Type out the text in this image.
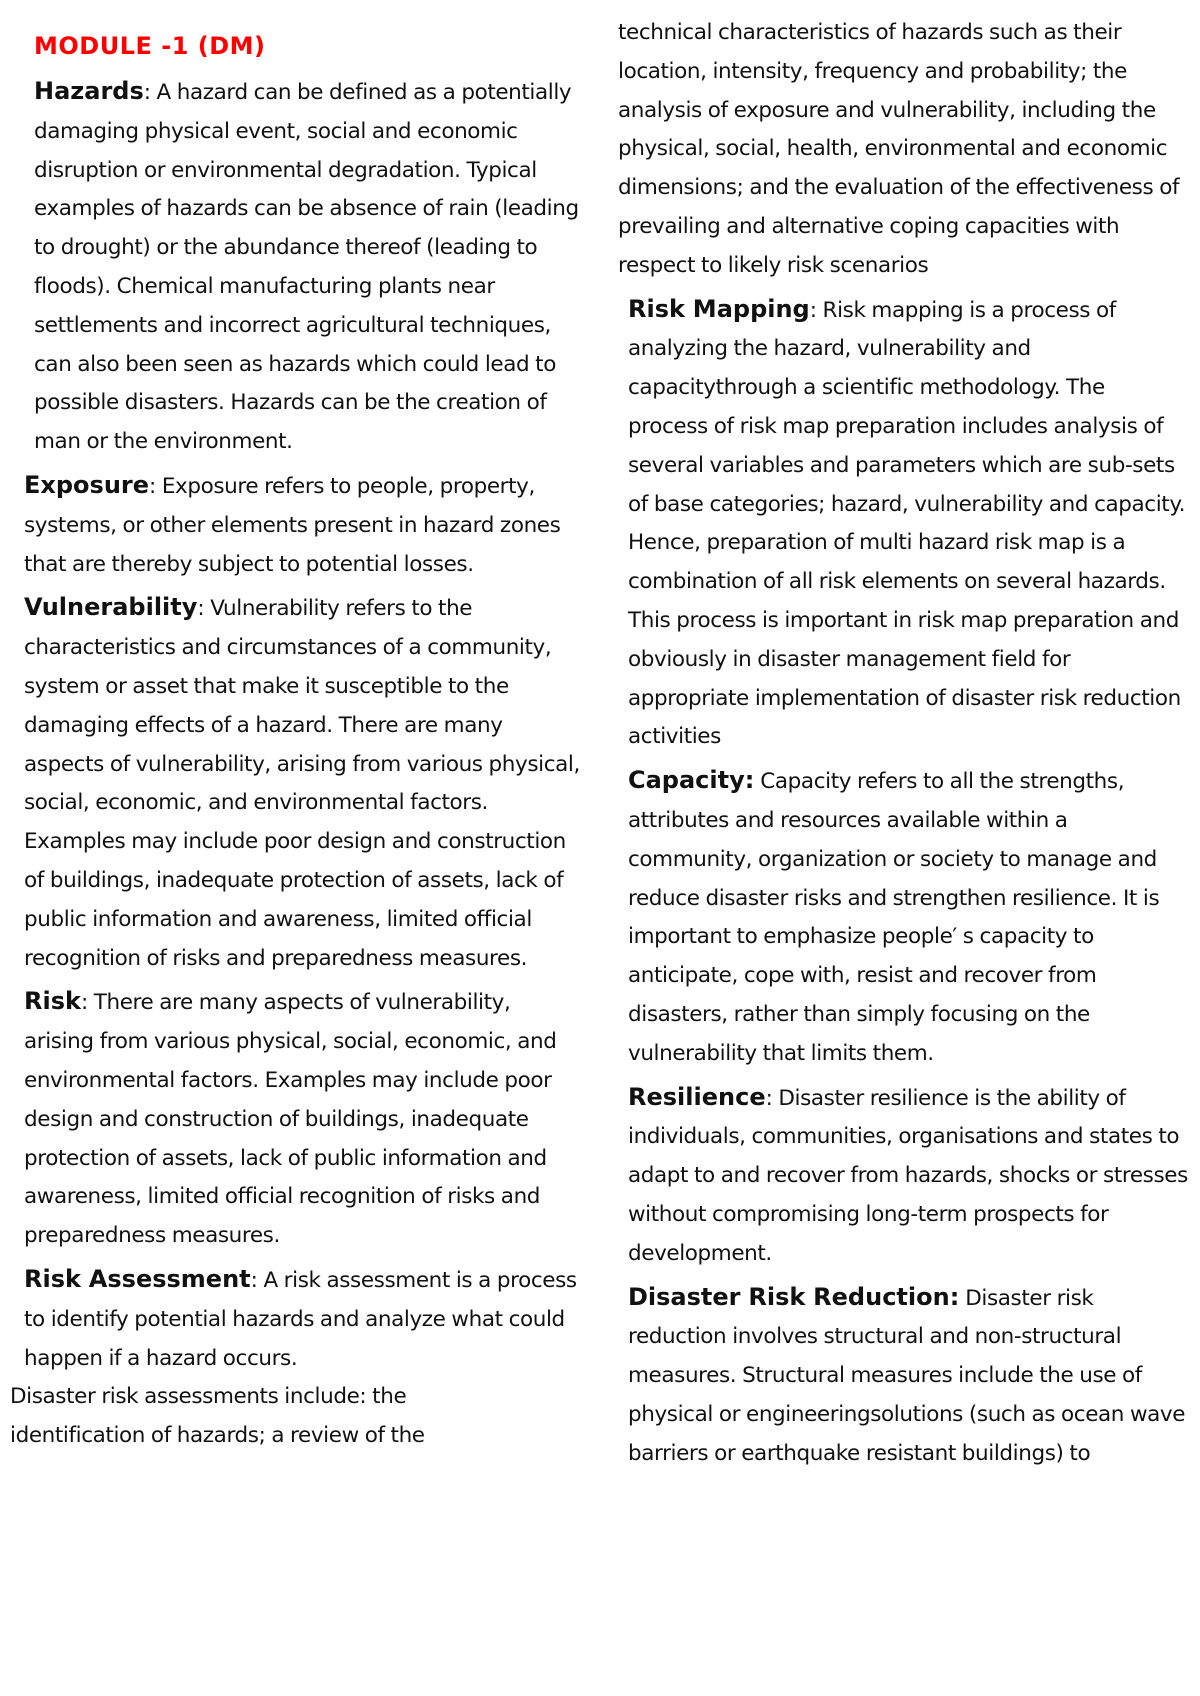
MODULE -1 (DM)

Hazards: A hazard can be defined as a potentially damaging physical event, social and economic disruption or environmental degradation. Typical examples of hazards can be absence of rain (leading to drought) or the abundance thereof (leading to floods). Chemical manufacturing plants near settlements and incorrect agricultural techniques, can also been seen as hazards which could lead to possible disasters. Hazards can be the creation of man or the environment.

Exposure: Exposure refers to people, property, systems, or other elements present in hazard zones that are thereby subject to potential losses.

Vulnerability: Vulnerability refers to the characteristics and circumstances of a community, system or asset that make it susceptible to the damaging effects of a hazard. There are many aspects of vulnerability, arising from various physical, social, economic, and environmental factors. Examples may include poor design and construction of buildings, inadequate protection of assets, lack of public information and awareness, limited official recognition of risks and preparedness measures.

Risk: There are many aspects of vulnerability, arising from various physical, social, economic, and environmental factors. Examples may include poor design and construction of buildings, inadequate protection of assets, lack of public information and awareness, limited official recognition of risks and preparedness measures.

Risk Assessment: A risk assessment is a process to identify potential hazards and analyze what could happen if a hazard occurs.

Disaster risk assessments include: the
identification of hazards; a review of the
technical characteristics of hazards such as their location, intensity, frequency and probability; the analysis of exposure and vulnerability, including the physical, social, health, environmental and economic dimensions; and the evaluation of the effectiveness of prevailing and alternative coping capacities with respect to likely risk scenarios

Risk Mapping: Risk mapping is a process of analyzing the hazard, vulnerability and capacitythrough a scientific methodology. The process of risk map preparation includes analysis of several variables and parameters which are sub-sets of base categories; hazard, vulnerability and capacity. Hence, preparation of multi hazard risk map is a combination of all risk elements on several hazards. This process is important in risk map preparation and obviously in disaster management field for appropriate implementation of disaster risk reduction activities

Capacity: Capacity refers to all the strengths, attributes and resources available within a community, organization or society to manage and reduce disaster risks and strengthen resilience. It is important to emphasize people′ s capacity to anticipate, cope with, resist and recover from disasters, rather than simply focusing on the vulnerability that limits them.

Resilience: Disaster resilience is the ability of individuals, communities, organisations and states to adapt to and recover from hazards, shocks or stresses without compromising long-term prospects for development.

Disaster Risk Reduction: Disaster risk reduction involves structural and non-structural measures. Structural measures include the use of physical or engineeringsolutions (such as ocean wave barriers or earthquake resistant buildings) to
